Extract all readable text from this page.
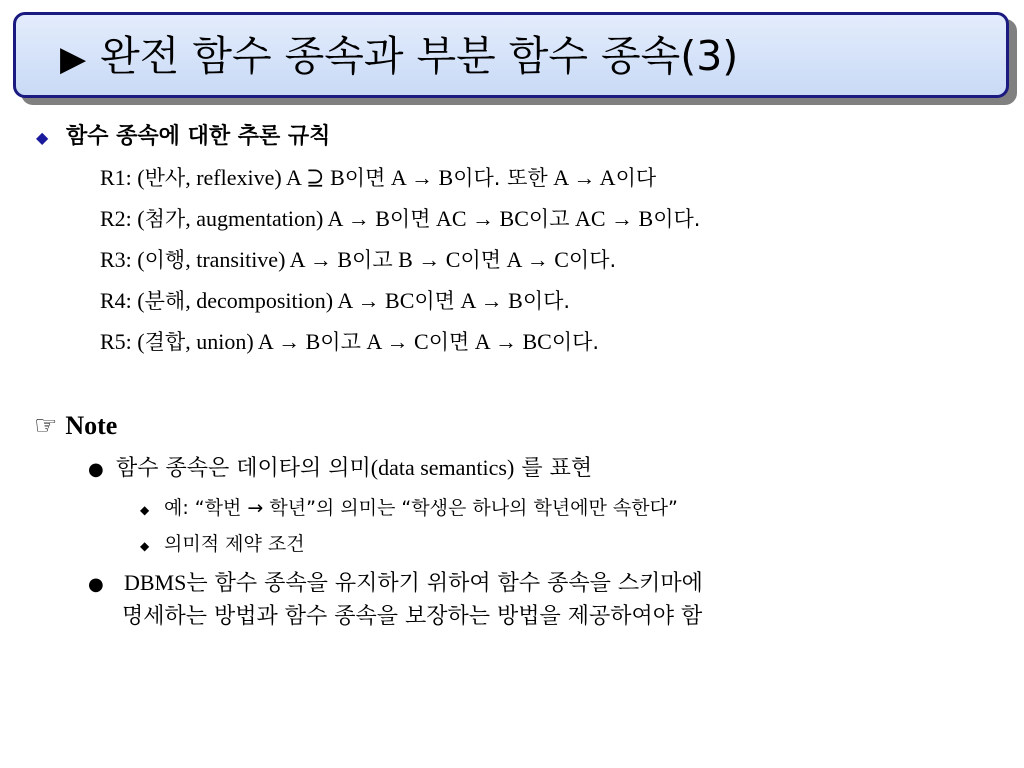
▶ 완전 함수 종속과 부분 함수 종속(3)
◆ 함수 종속에 대한 추론 규칙
R1: (반사, reflexive) A ⊇ B이면 A → B이다. 또한 A → A이다
R2: (첨가, augmentation) A → B이면 AC → BC이고 AC → B이다.
R3: (이행, transitive) A → B이고 B → C이면 A → C이다.
R4: (분해, decomposition) A → BC이면 A → B이다.
R5: (결합, union) A → B이고 A → C이면 A → BC이다.
☞ Note
● 함수 종속은 데이타의 의미(data semantics) 를 표현
◆ 예: “학번 → 학년”의 의미는 “학생은 하나의 학년에만 속한다”
◆ 의미적 제약 조건
● DBMS는 함수 종속을 유지하기 위하여 함수 종속을 스키마에
명세하는 방법과 함수 종속을 보장하는 방법을 제공하여야 함
